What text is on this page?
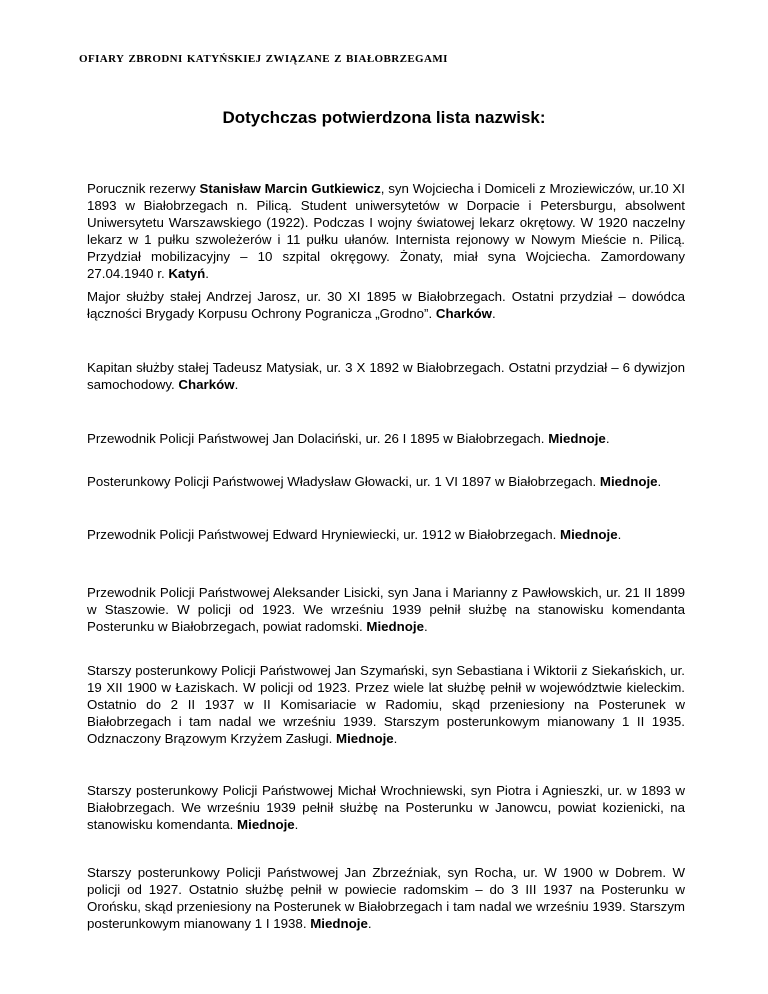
ofiary zbrodni katyńskiej związane z białobrzegami
Dotychczas potwierdzona lista nazwisk:

Porucznik rezerwy Stanisław Marcin Gutkiewicz, syn Wojciecha i Domiceli z Mroziewiczów, ur.10 XI 1893 w Białobrzegach n. Pilicą. Student uniwersytetów w Dorpacie i Petersburgu, absolwent Uniwersytetu Warszawskiego (1922). Podczas I wojny światowej lekarz okrętowy. W 1920 naczelny lekarz w 1 pułku szwoleżerów i 11 pułku ułanów. Internista rejonowy w Nowym Mieście n. Pilicą. Przydział mobilizacyjny – 10 szpital okręgowy. Żonaty, miał syna Wojciecha. Zamordowany 27.04.1940 r. Katyń.

Major służby stałej Andrzej Jarosz, ur. 30 XI 1895 w Białobrzegach. Ostatni przydział – dowódca łączności Brygady Korpusu Ochrony Pogranicza „Grodno”. Charków.

Kapitan służby stałej Tadeusz Matysiak, ur. 3 X 1892 w Białobrzegach. Ostatni przydział – 6 dywizjon samochodowy. Charków.

Przewodnik Policji Państwowej Jan Dolaciński, ur. 26 I 1895 w Białobrzegach. Miednoje.

Posterunkowy Policji Państwowej Władysław Głowacki, ur. 1 VI 1897 w Białobrzegach. Miednoje.

Przewodnik Policji Państwowej Edward Hryniewiecki, ur. 1912 w Białobrzegach. Miednoje.

Przewodnik Policji Państwowej Aleksander Lisicki, syn Jana i Marianny z Pawłowskich, ur. 21 II 1899 w Staszowie. W policji od 1923. We wrześniu 1939 pełnił służbę na stanowisku komendanta Posterunku w Białobrzegach, powiat radomski. Miednoje.

Starszy posterunkowy Policji Państwowej Jan Szymański, syn Sebastiana i Wiktorii z Siekańskich, ur. 19 XII 1900 w Łaziskach. W policji od 1923. Przez wiele lat służbę pełnił w województwie kieleckim. Ostatnio do 2 II 1937 w II Komisariacie w Radomiu, skąd przeniesiony na Posterunek w Białobrzegach i tam nadal we wrześniu 1939. Starszym posterunkowym mianowany 1 II 1935. Odznaczony Brązowym Krzyżem Zasługi. Miednoje.

Starszy posterunkowy Policji Państwowej Michał Wrochniewski, syn Piotra i Agnieszki, ur. w 1893 w Białobrzegach. We wrześniu 1939 pełnił służbę na Posterunku w Janowcu, powiat kozienicki, na stanowisku komendanta. Miednoje.

Starszy posterunkowy Policji Państwowej Jan Zbrzeźniak, syn Rocha, ur. W 1900 w Dobrem. W policji od 1927. Ostatnio służbę pełnił w powiecie radomskim – do 3 III 1937 na Posterunku w Orońsku, skąd przeniesiony na Posterunek w Białobrzegach i tam nadal we wrześniu 1939. Starszym posterunkowym mianowany 1 I 1938. Miednoje.
